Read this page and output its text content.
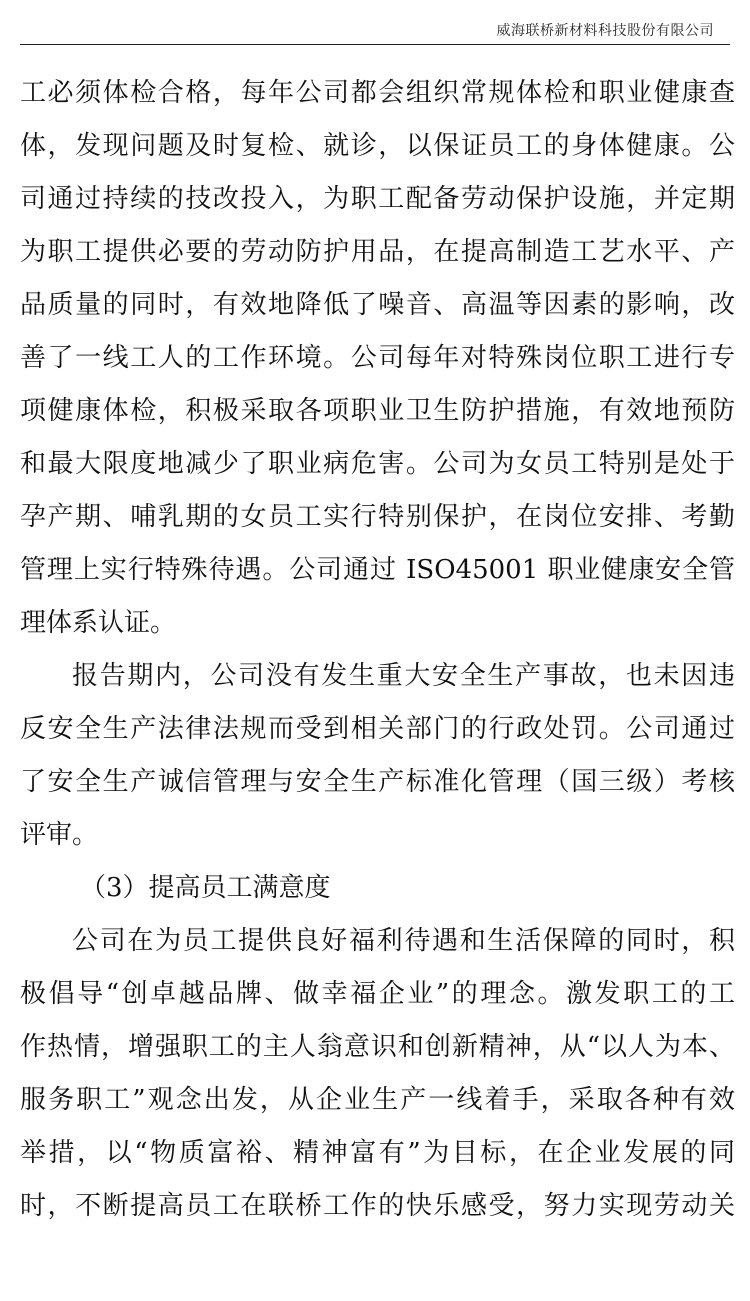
威海联桥新材料科技股份有限公司
工必须体检合格，每年公司都会组织常规体检和职业健康查
体，发现问题及时复检、就诊，以保证员工的身体健康。公
司通过持续的技改投入，为职工配备劳动保护设施，并定期
为职工提供必要的劳动防护用品，在提高制造工艺水平、产
品质量的同时，有效地降低了噪音、高温等因素的影响，改
善了一线工人的工作环境。公司每年对特殊岗位职工进行专
项健康体检，积极采取各项职业卫生防护措施，有效地预防
和最大限度地减少了职业病危害。公司为女员工特别是处于
孕产期、哺乳期的女员工实行特别保护，在岗位安排、考勤
管理上实行特殊待遇。公司通过 ISO45001 职业健康安全管
理体系认证。
报告期内，公司没有发生重大安全生产事故，也未因违
反安全生产法律法规而受到相关部门的行政处罚。公司通过
了安全生产诚信管理与安全生产标准化管理（国三级）考核
评审。
（3）提高员工满意度
公司在为员工提供良好福利待遇和生活保障的同时，积
极倡导“创卓越品牌、做幸福企业”的理念。激发职工的工
作热情，增强职工的主人翁意识和创新精神，从“以人为本、
服务职工”观念出发，从企业生产一线着手，采取各种有效
举措，以“物质富裕、精神富有”为目标，在企业发展的同
时，不断提高员工在联桥工作的快乐感受，努力实现劳动关
